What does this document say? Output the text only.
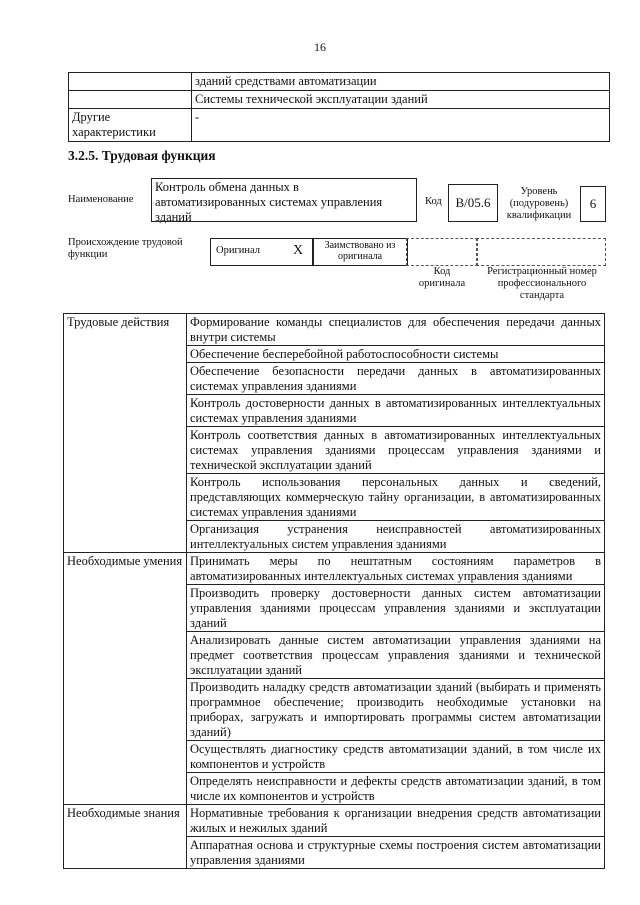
16
	зданий средствами автоматизации
	Системы технической эксплуатации зданий
Другие характеристики	-
3.2.5. Трудовая функция
Наименование
Контроль обмена данных в автоматизированных системах управления зданий
Код	B/05.6
Уровень (подуровень) квалификации
6
Происхождение трудовой функции	Оригинал X	Заимствовано из оригинала
Код оригинала
Регистрационный номер профессионального стандарта
Трудовые действия	Формирование команды специалистов для обеспечения передачи данных внутри системы
	Обеспечение бесперебойной работоспособности системы
	Обеспечение безопасности передачи данных в автоматизированных системах управления зданиями
	Контроль достоверности данных в автоматизированных интеллектуальных системах управления зданиями
	Контроль соответствия данных в автоматизированных интеллектуальных системах управления зданиями процессам управления зданиями и технической эксплуатации зданий
	Контроль использования персональных данных и сведений, представляющих коммерческую тайну организации, в автоматизированных системах управления зданиями
	Организация устранения неисправностей автоматизированных интеллектуальных систем управления зданиями
Необходимые умения	Принимать меры по нештатным состояниям параметров в автоматизированных интеллектуальных системах управления зданиями
	Производить проверку достоверности данных систем автоматизации управления зданиями процессам управления зданиями и эксплуатации зданий
	Анализировать данные систем автоматизации управления зданиями на предмет соответствия процессам управления зданиями и технической эксплуатации зданий
	Производить наладку средств автоматизации зданий (выбирать и применять программное обеспечение; производить необходимые установки на приборах, загружать и импортировать программы систем автоматизации зданий)
	Осуществлять диагностику средств автоматизации зданий, в том числе их компонентов и устройств
	Определять неисправности и дефекты средств автоматизации зданий, в том числе их компонентов и устройств
Необходимые знания	Нормативные требования к организации внедрения средств автоматизации жилых и нежилых зданий
	Аппаратная основа и структурные схемы построения систем автоматизации управления зданиями
